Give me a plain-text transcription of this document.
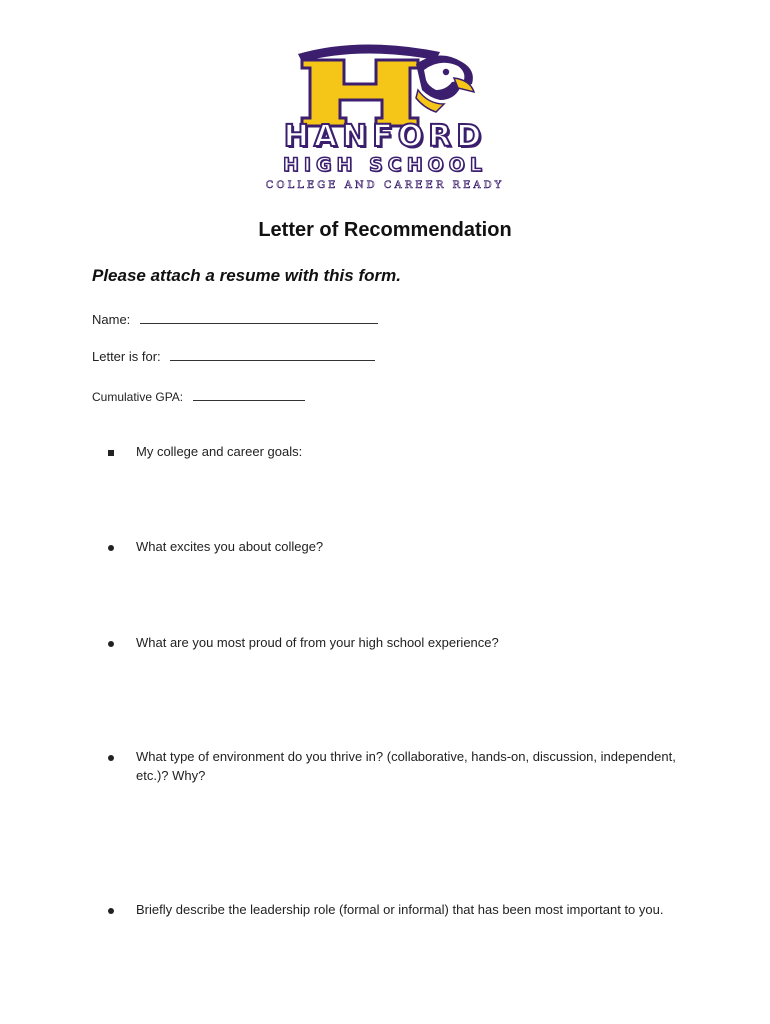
HANFORD
HIGH SCHOOL
COLLEGE AND CAREER READY
Letter of Recommendation
Please attach a resume with this form.
Name:
Letter is for:
Cumulative GPA:
My college and career goals:
What excites you about college?
What are you most proud of from your high school experience?
What type of environment do you thrive in? (collaborative, hands-on, discussion, independent, etc.)? Why?
Briefly describe the leadership role (formal or informal) that has been most important to you.
